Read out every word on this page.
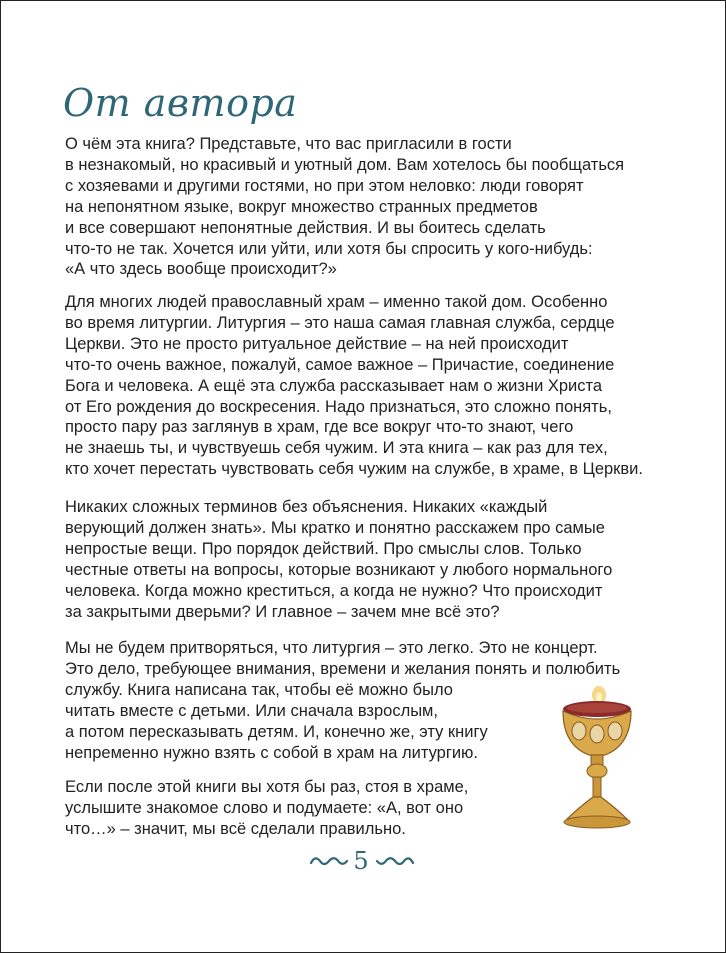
От автора
О чём эта книга? Представьте, что вас пригласили в гости
в незнакомый, но красивый и уютный дом. Вам хотелось бы пообщаться
с хозяевами и другими гостями, но при этом неловко: люди говорят
на непонятном языке, вокруг множество странных предметов
и все совершают непонятные действия. И вы боитесь сделать
что-то не так. Хочется или уйти, или хотя бы спросить у кого-нибудь:
«А что здесь вообще происходит?»
Для многих людей православный храм – именно такой дом. Особенно
во время литургии. Литургия – это наша самая главная служба, сердце
Церкви. Это не просто ритуальное действие – на ней происходит
что-то очень важное, пожалуй, самое важное – Причастие, соединение
Бога и человека. А ещё эта служба рассказывает нам о жизни Христа
от Его рождения до воскресения. Надо признаться, это сложно понять,
просто пару раз заглянув в храм, где все вокруг что-то знают, чего
не знаешь ты, и чувствуешь себя чужим. И эта книга – как раз для тех,
кто хочет перестать чувствовать себя чужим на службе, в храме, в Церкви.
Никаких сложных терминов без объяснения. Никаких «каждый
верующий должен знать». Мы кратко и понятно расскажем про самые
непростые вещи. Про порядок действий. Про смыслы слов. Только
честные ответы на вопросы, которые возникают у любого нормального
человека. Когда можно креститься, а когда не нужно? Что происходит
за закрытыми дверьми? И главное – зачем мне всё это?
Мы не будем притворяться, что литургия – это легко. Это не концерт.
Это дело, требующее внимания, времени и желания понять и полюбить
службу. Книга написана так, чтобы её можно было
читать вместе с детьми. Или сначала взрослым,
а потом пересказывать детям. И, конечно же, эту книгу
непременно нужно взять с собой в храм на литургию.
Если после этой книги вы хотя бы раз, стоя в храме,
услышите знакомое слово и подумаете: «А, вот оно
что…» – значит, мы всё сделали правильно.
5
